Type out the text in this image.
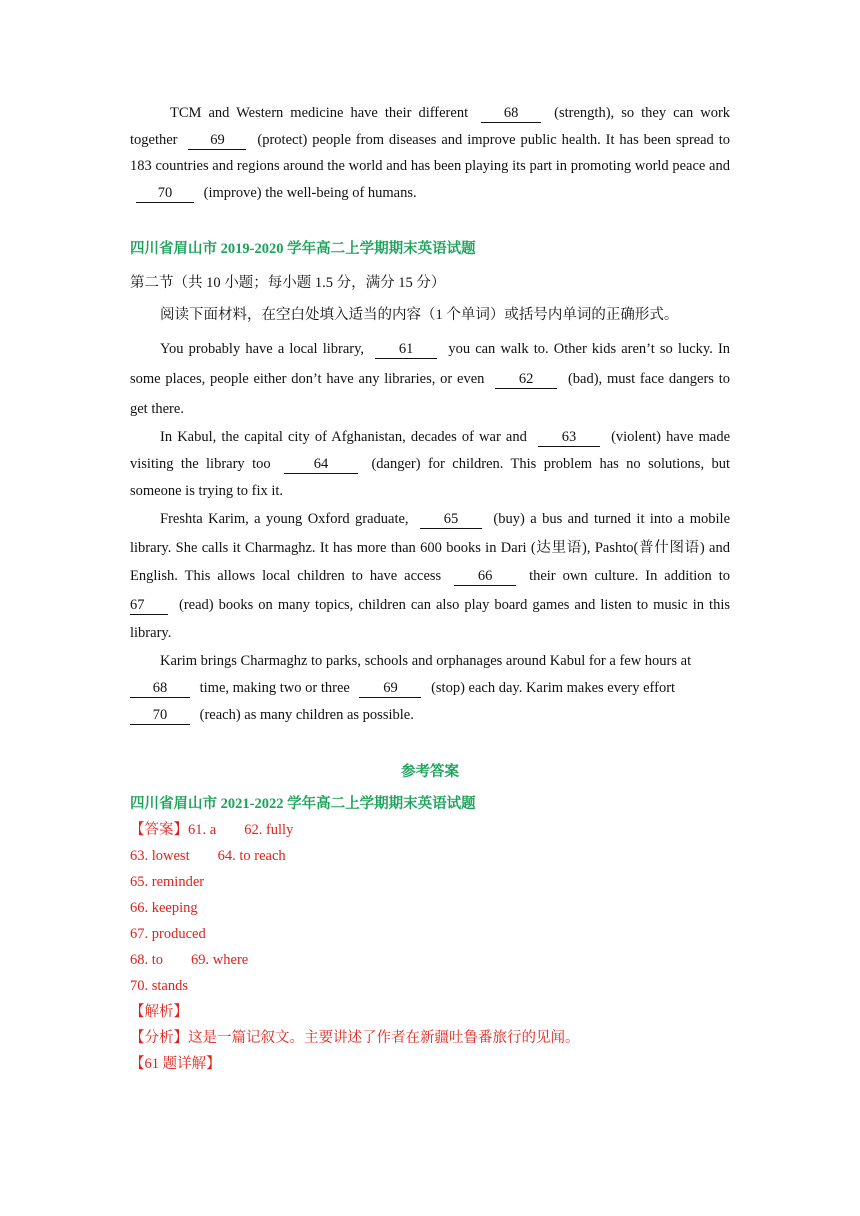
TCM and Western medicine have their different 68 (strength), so they can work together 69 (protect) people from diseases and improve public health. It has been spread to 183 countries and regions around the world and has been playing its part in promoting world peace and 70 (improve) the well-being of humans.

四川省眉山市 2019-2020 学年高二上学期期末英语试题

第二节（共 10 小题；每小题 1.5 分，满分 15 分）

阅读下面材料，在空白处填入适当的内容（1 个单词）或括号内单词的正确形式。

You probably have a local library, 61 you can walk to. Other kids aren’t so lucky. In some places, people either don’t have any libraries, or even 62 (bad), must face dangers to get there.

In Kabul, the capital city of Afghanistan, decades of war and 63 (violent) have made visiting the library too	64	(danger) for children. This problem has no solutions, but someone is trying to fix it.

Freshta Karim, a young Oxford graduate, 65 (buy) a bus and turned it into a mobile library. She calls it Charmaghz. It has more than 600 books in Dari (达里语), Pashto(普什图语) and English. This allows local children to have access	66	their own culture. In addition to 67 (read) books on many topics, children can also play board games and listen to music in this library.

Karim brings Charmaghz to parks, schools and orphanages around Kabul for a few hours at
68 time, making two or three 69 (stop) each day. Karim makes every effort
70 (reach) as many children as possible.

参考答案

四川省眉山市 2021-2022 学年高二上学期期末英语试题

【答案】61. a 62. fully

63. lowest 64. to reach

65. reminder

66. keeping

67. produced

68. to 69. where

70. stands

【解析】

【分析】这是一篇记叙文。主要讲述了作者在新疆吐鲁番旅行的见闻。

【61 题详解】
